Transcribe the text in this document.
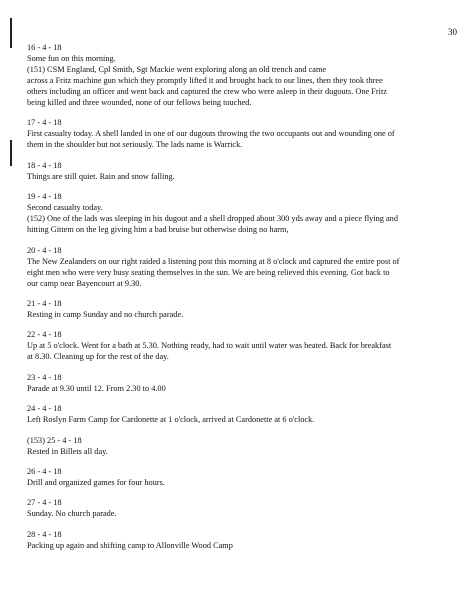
30
16 - 4 - 18
Some fun on this morning.
(151) CSM England, Cpl Smith, Sgt Mackie went exploring along an old trench and came
across a Fritz machine gun which they promptly lifted it and brought back to our lines, then they took three
others including an officer and went back and captured the crew who were asleep in their dugouts. One Fritz
being killed and three wounded, none of our fellows being touched.
17 - 4 - 18
First casualty today. A shell landed in one of our dugouts throwing the two occupants out and wounding one of
them in the shoulder but not seriously. The lads name is Warrick.
18 - 4 - 18
Things are still quiet. Rain and snow falling.
19 - 4 - 18
Second casualty today.
(152) One of the lads was sleeping in his dugout and a shell dropped about 300 yds away and a piece flying and
hitting Gittem on the leg giving him a bad bruise but otherwise doing no harm,
20 - 4 - 18
The New Zealanders on our right raided a listening post this morning at 8 o'clock and captured the entire post of
eight men who were very busy seating themselves in the sun. We are being relieved this evening. Got back to
our camp near Bayencourt at 9.30.
21 - 4 - 18
Resting in camp Sunday and no church parade.
22 - 4 - 18
Up at 5 o'clock. Went for a bath at 5.30. Nothing ready, had to wait until water was heated. Back for breakfast
at 8.30. Cleaning up for the rest of the day.
23 - 4 - 18
Parade at 9.30 until 12. From 2.30 to 4.00
24 - 4 - 18
Left Roslyn Farm Camp for Cardonette at 1 o'clock, arrived at Cardonette at 6 o'clock.
(153) 25 - 4 - 18
Rested in Billets all day.
26 - 4 - 18
Drill and organized games for four hours.
27 - 4 - 18
Sunday. No church parade.
28 - 4 - 18
Packing up again and shifting camp to Allonville Wood Camp
